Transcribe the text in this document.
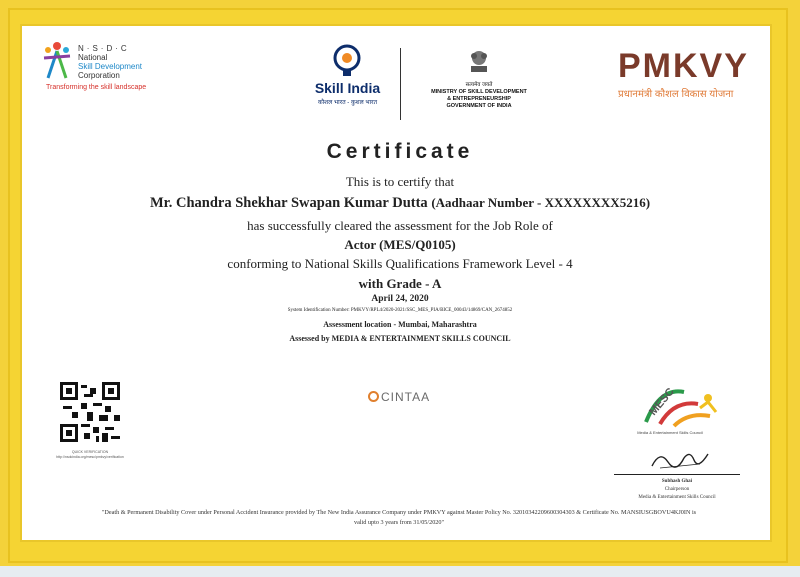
N·S·D·C
National
Skill Development
Corporation
Transforming the skill landscape	Skill India
कौशल भारत - कुशल भारत
सत्यमेव जयते
MINISTRY OF SKILL DEVELOPMENT
& ENTREPRENEURSHIP
GOVERNMENT OF INDIA
PMKVY
प्रधानमंत्री कौशल विकास योजना
Certificate
This is to certify that
Mr. Chandra Shekhar Swapan Kumar Dutta (Aadhaar Number - XXXXXXXX5216)
has successfully cleared the assessment for the Job Role of
Actor (MES/Q0105)
conforming to National Skills Qualifications Framework Level - 4
with Grade - A
April 24, 2020
System Identification Number: PMKVY/RPL4/2020-2021/SSC_MES_PIA/BICE_00043/14869/CAN_2674852
Assessment location - Mumbai, Maharashtra
Assessed by MEDIA & ENTERTAINMENT SKILLS COUNCIL
QUICK VERIFICATION
http://nsdcindia.org/mesc/pmkvy/verification
CINTAA	MESC
Media & Entertainment Skills Council
Subhash Ghai
Chairperson
Media & Entertainment Skills Council
"Death & Permanent Disability Cover under Personal Accident Insurance provided by The New India Assurance Company under PMKVY against Master Policy No. 32010342209600304303 & Certificate No. MANSIUSGBOVU4KJ0IN is
valid upto 3 years from 31/05/2020"
